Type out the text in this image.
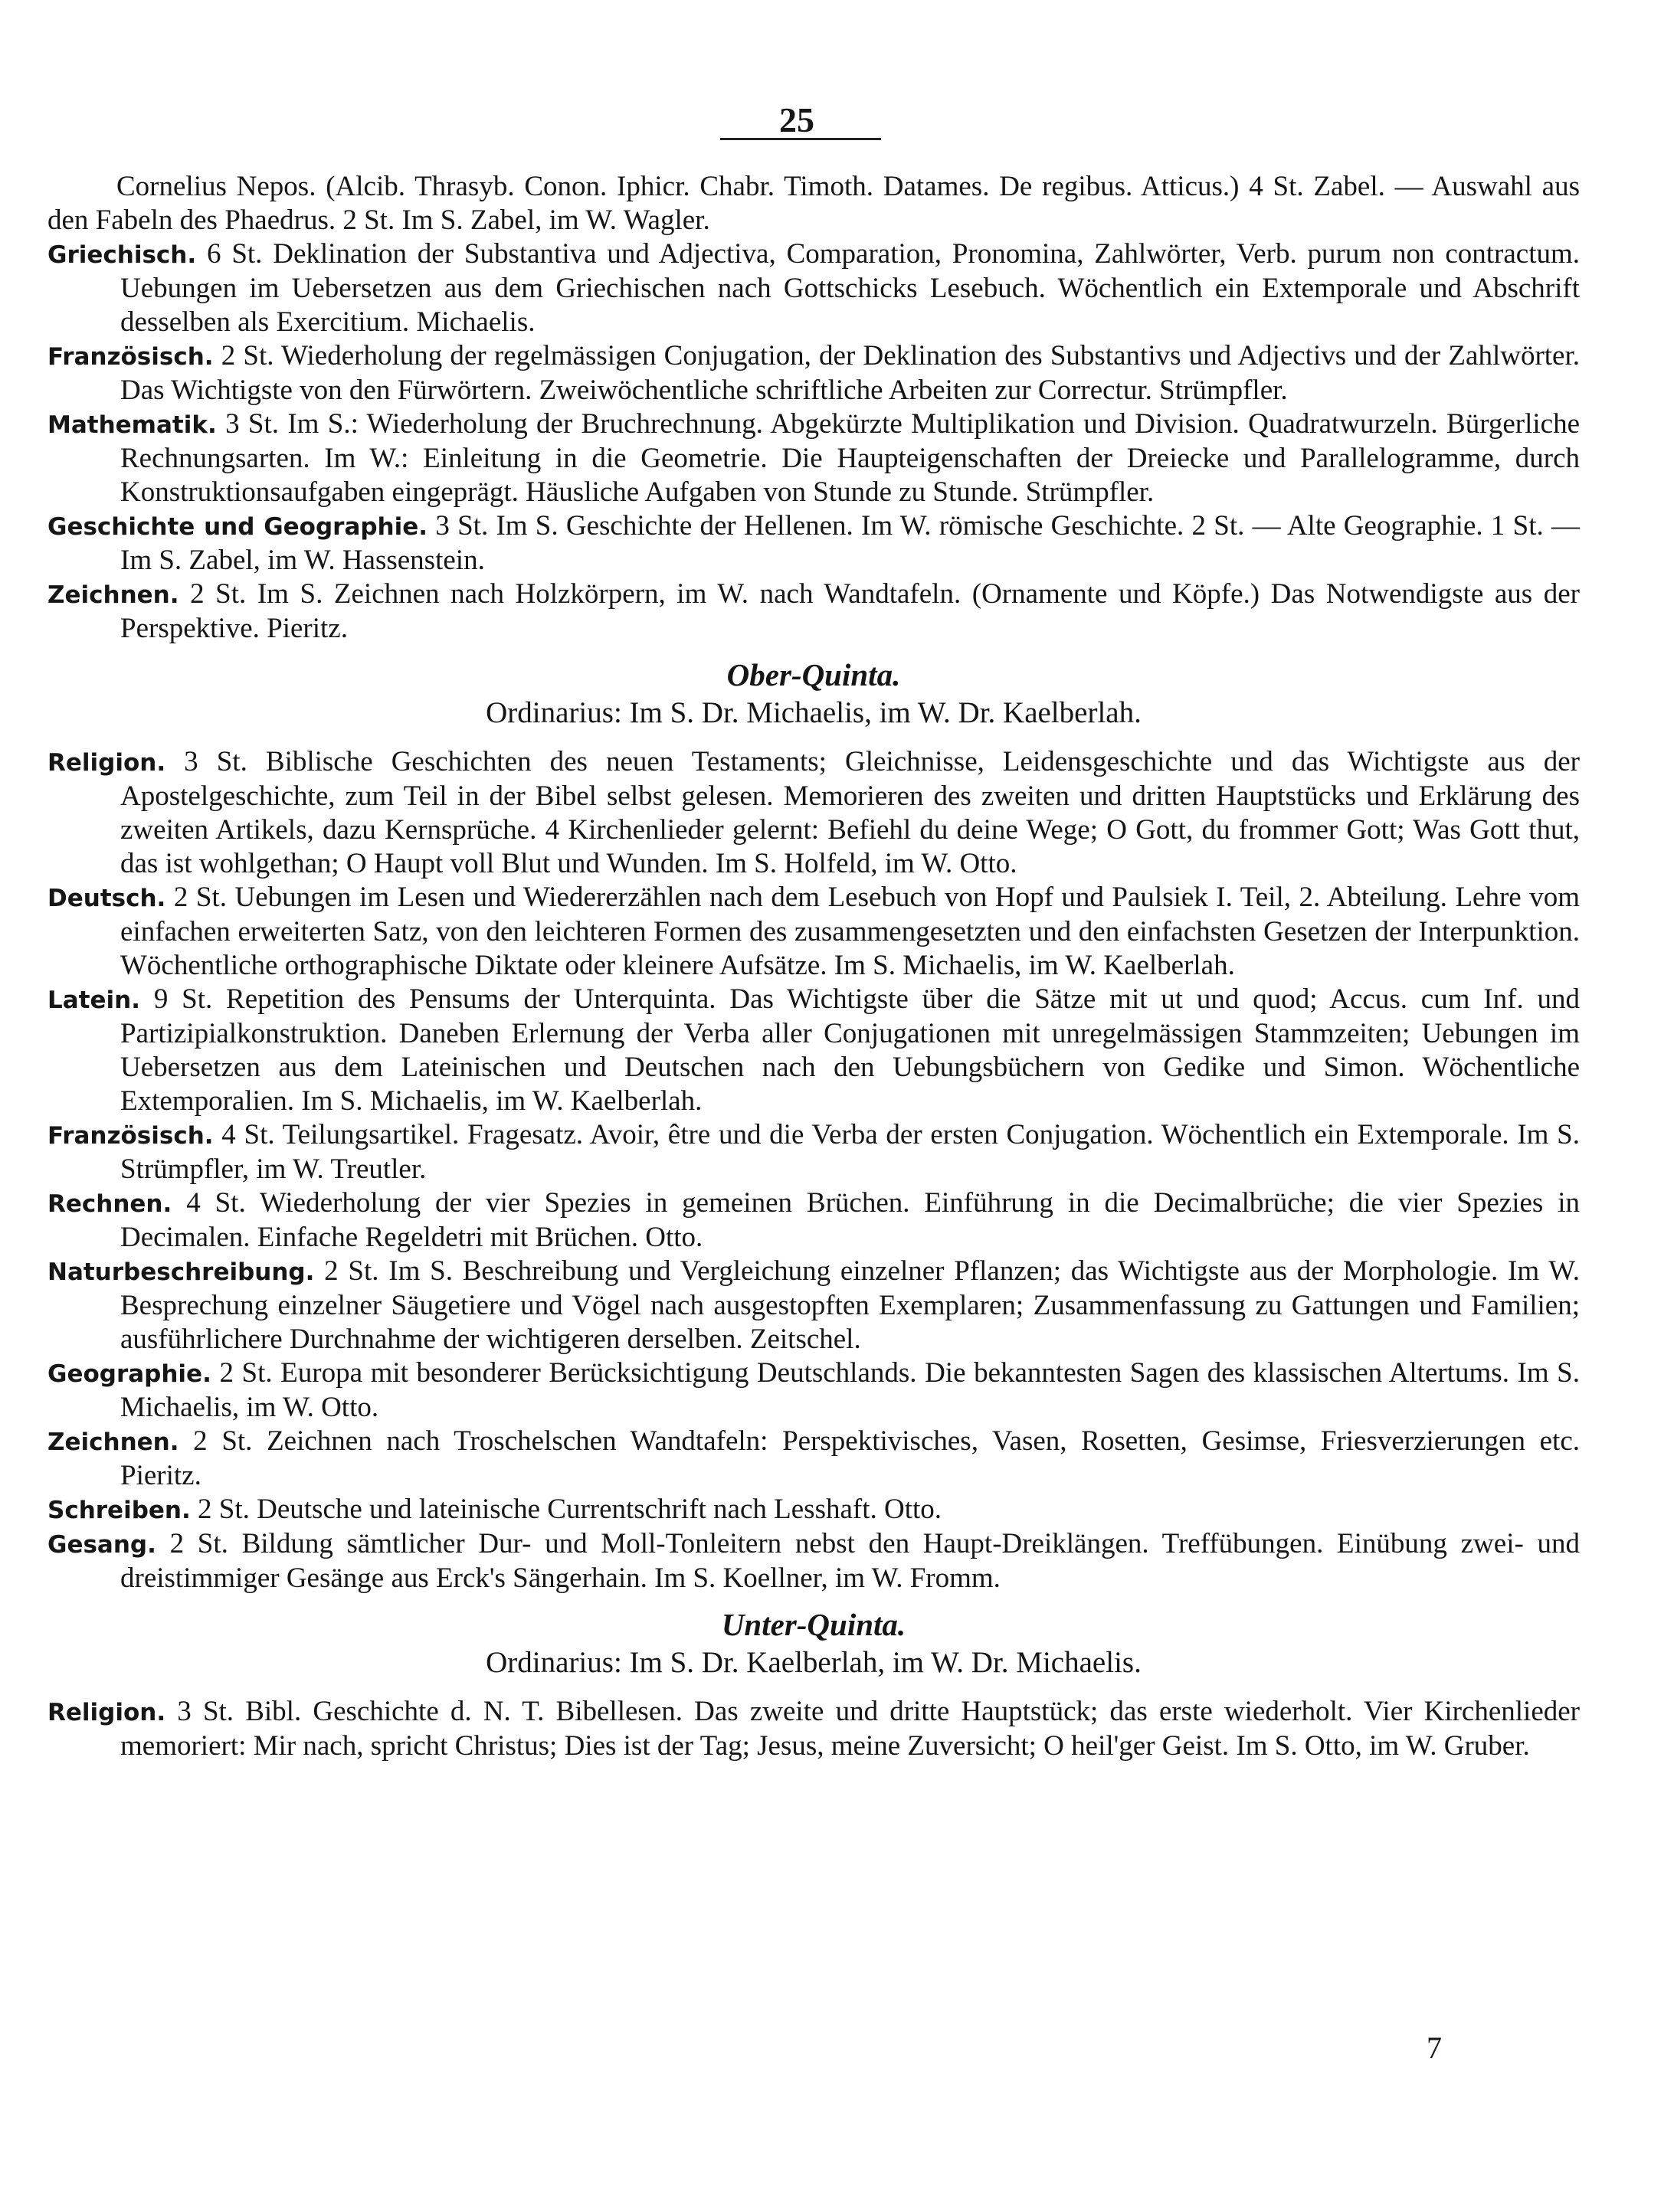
25

Cornelius Nepos. (Alcib. Thrasyb. Conon. Iphicr. Chabr. Timoth. Datames. De regibus. Atticus.) 4 St. Zabel. — Auswahl aus den Fabeln des Phaedrus. 2 St. Im S. Zabel, im W. Wagler.

Griechisch. 6 St. Deklination der Substantiva und Adjectiva, Comparation, Pronomina, Zahlwörter, Verb. purum non contractum. Uebungen im Uebersetzen aus dem Griechischen nach Gottschicks Lesebuch. Wöchentlich ein Extemporale und Abschrift desselben als Exercitium. Michaelis.

Französisch. 2 St. Wiederholung der regelmässigen Conjugation, der Deklination des Substantivs und Adjectivs und der Zahlwörter. Das Wichtigste von den Fürwörtern. Zweiwöchentliche schriftliche Arbeiten zur Correctur. Strümpfler.

Mathematik. 3 St. Im S.: Wiederholung der Bruchrechnung. Abgekürzte Multiplikation und Division. Quadratwurzeln. Bürgerliche Rechnungsarten. Im W.: Einleitung in die Geometrie. Die Haupteigenschaften der Dreiecke und Parallelogramme, durch Konstruktionsaufgaben eingeprägt. Häusliche Aufgaben von Stunde zu Stunde. Strümpfler.

Geschichte und Geographie. 3 St. Im S. Geschichte der Hellenen. Im W. römische Geschichte. 2 St. — Alte Geographie. 1 St. — Im S. Zabel, im W. Hassenstein.

Zeichnen. 2 St. Im S. Zeichnen nach Holzkörpern, im W. nach Wandtafeln. (Ornamente und Köpfe.) Das Notwendigste aus der Perspektive. Pieritz.

Ober-Quinta.
Ordinarius: Im S. Dr. Michaelis, im W. Dr. Kaelberlah.

Religion. 3 St. Biblische Geschichten des neuen Testaments; Gleichnisse, Leidensgeschichte und das Wichtigste aus der Apostelgeschichte, zum Teil in der Bibel selbst gelesen. Memorieren des zweiten und dritten Hauptstücks und Erklärung des zweiten Artikels, dazu Kernsprüche. 4 Kirchenlieder gelernt: Befiehl du deine Wege; O Gott, du frommer Gott; Was Gott thut, das ist wohlgethan; O Haupt voll Blut und Wunden. Im S. Holfeld, im W. Otto.

Deutsch. 2 St. Uebungen im Lesen und Wiedererzählen nach dem Lesebuch von Hopf und Paulsiek I. Teil, 2. Abteilung. Lehre vom einfachen erweiterten Satz, von den leichteren Formen des zusammengesetzten und den einfachsten Gesetzen der Interpunktion. Wöchentliche orthographische Diktate oder kleinere Aufsätze. Im S. Michaelis, im W. Kaelberlah.

Latein. 9 St. Repetition des Pensums der Unterquinta. Das Wichtigste über die Sätze mit ut und quod; Accus. cum Inf. und Partizipialkonstruktion. Daneben Erlernung der Verba aller Conjugationen mit unregelmässigen Stammzeiten; Uebungen im Uebersetzen aus dem Lateinischen und Deutschen nach den Uebungsbüchern von Gedike und Simon. Wöchentliche Extemporalien. Im S. Michaelis, im W. Kaelberlah.

Französisch. 4 St. Teilungsartikel. Fragesatz. Avoir, être und die Verba der ersten Conjugation. Wöchentlich ein Extemporale. Im S. Strümpfler, im W. Treutler.

Rechnen. 4 St. Wiederholung der vier Spezies in gemeinen Brüchen. Einführung in die Decimalbrüche; die vier Spezies in Decimalen. Einfache Regeldetri mit Brüchen. Otto.

Naturbeschreibung. 2 St. Im S. Beschreibung und Vergleichung einzelner Pflanzen; das Wichtigste aus der Morphologie. Im W. Besprechung einzelner Säugetiere und Vögel nach ausgestopften Exemplaren; Zusammenfassung zu Gattungen und Familien; ausführlichere Durchnahme der wichtigeren derselben. Zeitschel.

Geographie. 2 St. Europa mit besonderer Berücksichtigung Deutschlands. Die bekanntesten Sagen des klassischen Altertums. Im S. Michaelis, im W. Otto.

Zeichnen. 2 St. Zeichnen nach Troschelschen Wandtafeln: Perspektivisches, Vasen, Rosetten, Gesimse, Friesverzierungen etc. Pieritz.

Schreiben. 2 St. Deutsche und lateinische Currentschrift nach Lesshaft. Otto.

Gesang. 2 St. Bildung sämtlicher Dur- und Moll-Tonleitern nebst den Haupt-Dreiklängen. Treffübungen. Einübung zwei- und dreistimmiger Gesänge aus Erck's Sängerhain. Im S. Koellner, im W. Fromm.

Unter-Quinta.
Ordinarius: Im S. Dr. Kaelberlah, im W. Dr. Michaelis.

Religion. 3 St. Bibl. Geschichte d. N. T. Bibellesen. Das zweite und dritte Hauptstück; das erste wiederholt. Vier Kirchenlieder memoriert: Mir nach, spricht Christus; Dies ist der Tag; Jesus, meine Zuversicht; O heil'ger Geist. Im S. Otto, im W. Gruber.

7
